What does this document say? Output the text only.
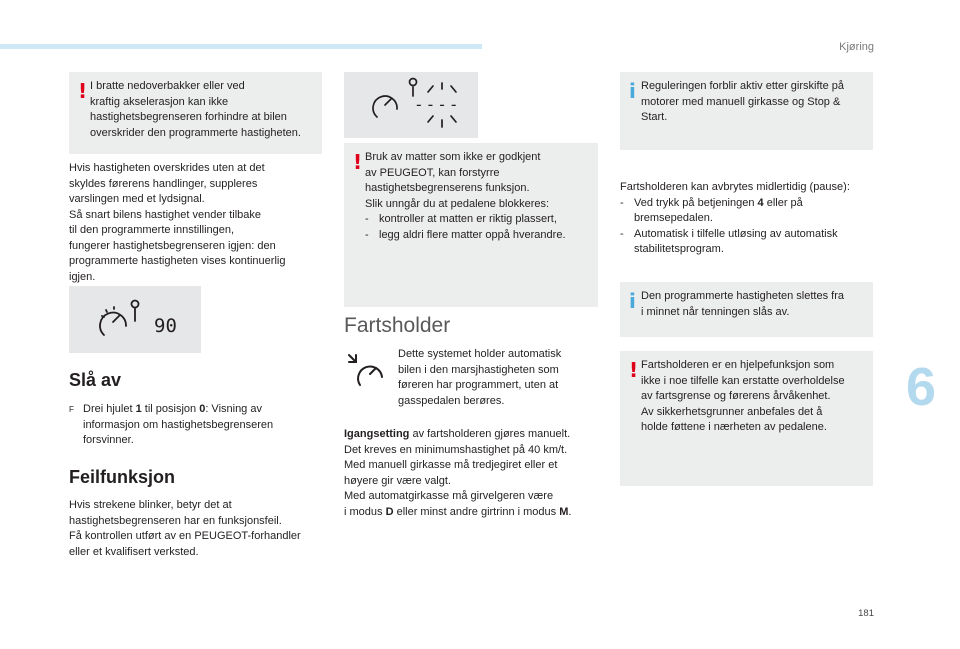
Kjøring
6
181
! I bratte nedoverbakker eller ved
kraftig akselerasjon kan ikke
hastighetsbegrenseren forhindre at bilen
overskrider den programmerte hastigheten.

Hvis hastigheten overskrides uten at det
skyldes førerens handlinger, suppleres
varslingen med et lydsignal.
Så snart bilens hastighet vender tilbake
til den programmerte innstillingen,
fungerer hastighetsbegrenseren igjen: den
programmerte hastigheten vises kontinuerlig
igjen.

90
Slå av

F Drei hjulet 1 til posisjon 0: Visning av
informasjon om hastighetsbegrenseren
forsvinner.

Feilfunksjon

Hvis strekene blinker, betyr det at
hastighetsbegrenseren har en funksjonsfeil.
Få kontrollen utført av en PEUGEOT-forhandler
eller et kvalifisert verksted.

----
! Bruk av matter som ikke er godkjent
av PEUGEOT, kan forstyrre
hastighetsbegrenserens funksjon.
Slik unngår du at pedalene blokkeres:
- kontroller at matten er riktig plassert,
- legg aldri flere matter oppå hverandre.
Fartsholder

Dette systemet holder automatisk
bilen i den marsjhastigheten som
føreren har programmert, uten at
gasspedalen berøres.

Igangsetting av fartsholderen gjøres manuelt.
Det kreves en minimumshastighet på 40 km/t.
Med manuell girkasse må tredjegiret eller et
høyere gir være valgt.
Med automatgirkasse må girvelgeren være
i modus D eller minst andre girtrinn i modus M.

i Reguleringen forblir aktiv etter girskifte på
motorer med manuell girkasse og Stop &
Start.

Fartsholderen kan avbrytes midlertidig (pause):
- Ved trykk på betjeningen 4 eller på
bremsepedalen.
- Automatisk i tilfelle utløsing av automatisk
stabilitetsprogram.

i Den programmerte hastigheten slettes fra
i minnet når tenningen slås av.
! Fartsholderen er en hjelpefunksjon som
ikke i noe tilfelle kan erstatte overholdelse
av fartsgrense og førerens årvåkenhet.
Av sikkerhetsgrunner anbefales det å
holde føttene i nærheten av pedalene.
